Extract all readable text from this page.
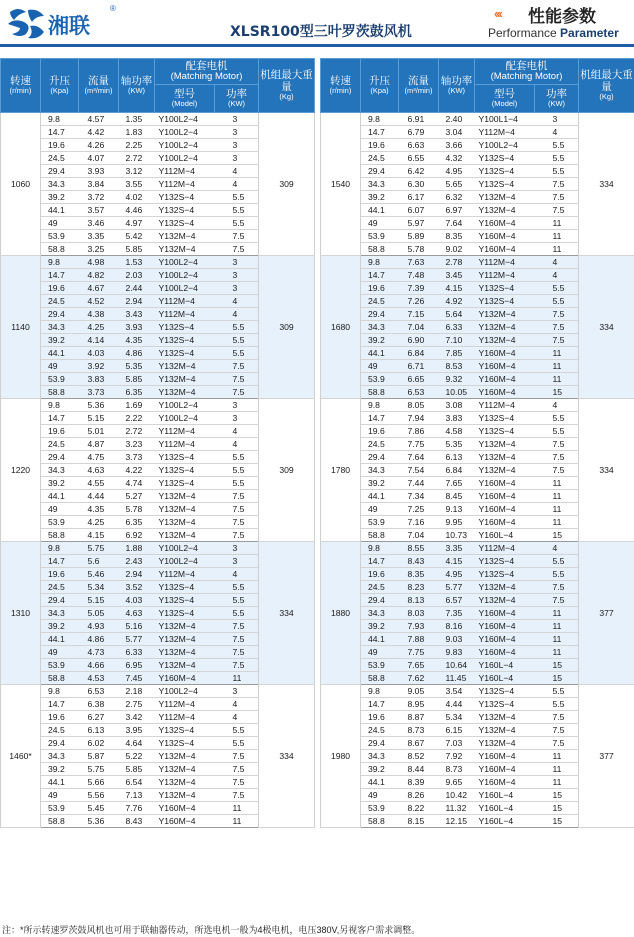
湘联
®
XLSR100型三叶罗茨鼓风机
‹‹‹ 性能参数
Performance Parameter
转速
(r/min)	升压
(Kpa)	流量
(m³/min)	轴功率
(KW)	配套电机
(Matching Motor)		机组最大重量
(Kg)

				型号
(Model)	功率
(KW)	

1060	9.8	4.57	1.35	Y100L2−4	3	309
	14.7	4.42	1.83	Y100L2−4	3	
	19.6	4.26	2.25	Y100L2−4	3	
	24.5	4.07	2.72	Y100L2−4	3	
	29.4	3.93	3.12	Y112M−4	4	
	34.3	3.84	3.55	Y112M−4	4	
	39.2	3.72	4.02	Y132S−4	5.5	
	44.1	3.57	4.46	Y132S−4	5.5	
	49	3.46	4.97	Y132S−4	5.5	
	53.9	3.35	5.42	Y132M−4	7.5	
	58.8	3.25	5.85	Y132M−4	7.5	
1140	9.8	4.98	1.53	Y100L2−4	3	309
	14.7	4.82	2.03	Y100L2−4	3	
	19.6	4.67	2.44	Y100L2−4	3	
	24.5	4.52	2.94	Y112M−4	4	
	29.4	4.38	3.43	Y112M−4	4	
	34.3	4.25	3.93	Y132S−4	5.5	
	39.2	4.14	4.35	Y132S−4	5.5	
	44.1	4.03	4.86	Y132S−4	5.5	
	49	3.92	5.35	Y132M−4	7.5	
	53.9	3.83	5.85	Y132M−4	7.5	
	58.8	3.73	6.35	Y132M−4	7.5	
1220	9.8	5.36	1.69	Y100L2−4	3	309
	14.7	5.15	2.22	Y100L2−4	3	
	19.6	5.01	2.72	Y112M−4	4	
	24.5	4.87	3.23	Y112M−4	4	
	29.4	4.75	3.73	Y132S−4	5.5	
	34.3	4.63	4.22	Y132S−4	5.5	
	39.2	4.55	4.74	Y132S−4	5.5	
	44.1	4.44	5.27	Y132M−4	7.5	
	49	4.35	5.78	Y132M−4	7.5	
	53.9	4.25	6.35	Y132M−4	7.5	
	58.8	4.15	6.92	Y132M−4	7.5	
1310	9.8	5.75	1.88	Y100L2−4	3	334
	14.7	5.6	2.43	Y100L2−4	3	
	19.6	5.46	2.94	Y112M−4	4	
	24.5	5.34	3.52	Y132S−4	5.5	
	29.4	5.15	4.03	Y132S−4	5.5	
	34.3	5.05	4.63	Y132S−4	5.5	
	39.2	4.93	5.16	Y132M−4	7.5	
	44.1	4.86	5.77	Y132M−4	7.5	
	49	4.73	6.33	Y132M−4	7.5	
	53.9	4.66	6.95	Y132M−4	7.5	
	58.8	4.53	7.45	Y160M−4	11	
1460*	9.8	6.53	2.18	Y100L2−4	3	334
	14.7	6.38	2.75	Y112M−4	4	
	19.6	6.27	3.42	Y112M−4	4	
	24.5	6.13	3.95	Y132S−4	5.5	
	29.4	6.02	4.64	Y132S−4	5.5	
	34.3	5.87	5.22	Y132M−4	7.5	
	39.2	5.75	5.85	Y132M−4	7.5	
	44.1	5.66	6.54	Y132M−4	7.5	
	49	5.56	7.13	Y132M−4	7.5	
	53.9	5.45	7.76	Y160M−4	11	
	58.8	5.36	8.43	Y160M−4	11	
转速
(r/min)	升压
(Kpa)	流量
(m³/min)	轴功率
(KW)	配套电机
(Matching Motor)		机组最大重量
(Kg)

				型号
(Model)	功率
(KW)	

1540	9.8	6.91	2.40	Y100L1−4	3	334
	14.7	6.79	3.04	Y112M−4	4	
	19.6	6.63	3.66	Y100L2−4	5.5	
	24.5	6.55	4.32	Y132S−4	5.5	
	29.4	6.42	4.95	Y132S−4	5.5	
	34.3	6.30	5.65	Y132S−4	7.5	
	39.2	6.17	6.32	Y132M−4	7.5	
	44.1	6.07	6.97	Y132M−4	7.5	
	49	5.97	7.64	Y160M−4	11	
	53.9	5.89	8.35	Y160M−4	11	
	58.8	5.78	9.02	Y160M−4	11	
1680	9.8	7.63	2.78	Y112M−4	4	334
	14.7	7.48	3.45	Y112M−4	4	
	19.6	7.39	4.15	Y132S−4	5.5	
	24.5	7.26	4.92	Y132S−4	5.5	
	29.4	7.15	5.64	Y132M−4	7.5	
	34.3	7.04	6.33	Y132M−4	7.5	
	39.2	6.90	7.10	Y132M−4	7.5	
	44.1	6.84	7.85	Y160M−4	11	
	49	6.71	8.53	Y160M−4	11	
	53.9	6.65	9.32	Y160M−4	11	
	58.8	6.53	10.05	Y160M−4	15	
1780	9.8	8.05	3.08	Y112M−4	4	334
	14.7	7.94	3.83	Y132S−4	5.5	
	19.6	7.86	4.58	Y132S−4	5.5	
	24.5	7.75	5.35	Y132M−4	7.5	
	29.4	7.64	6.13	Y132M−4	7.5	
	34.3	7.54	6.84	Y132M−4	7.5	
	39.2	7.44	7.65	Y160M−4	11	
	44.1	7.34	8.45	Y160M−4	11	
	49	7.25	9.13	Y160M−4	11	
	53.9	7.16	9.95	Y160M−4	11	
	58.8	7.04	10.73	Y160L−4	15	
1880	9.8	8.55	3.35	Y112M−4	4	377
	14.7	8.43	4.15	Y132S−4	5.5	
	19.6	8.35	4.95	Y132S−4	5.5	
	24.5	8.23	5.77	Y132M−4	7.5	
	29.4	8.13	6.57	Y132M−4	7.5	
	34.3	8.03	7.35	Y160M−4	11	
	39.2	7.93	8.16	Y160M−4	11	
	44.1	7.88	9.03	Y160M−4	11	
	49	7.75	9.83	Y160M−4	11	
	53.9	7.65	10.64	Y160L−4	15	
	58.8	7.62	11.45	Y160L−4	15	
1980	9.8	9.05	3.54	Y132S−4	5.5	377
	14.7	8.95	4.44	Y132S−4	5.5	
	19.6	8.87	5.34	Y132M−4	7.5	
	24.5	8.73	6.15	Y132M−4	7.5	
	29.4	8.67	7.03	Y132M−4	7.5	
	34.3	8.52	7.92	Y160M−4	11	
	39.2	8.44	8.73	Y160M−4	11	
	44.1	8.39	9.65	Y160M−4	11	
	49	8.26	10.42	Y160L−4	15	
	53.9	8.22	11.32	Y160L−4	15	
	58.8	8.15	12.15	Y160L−4	15	
注：*所示转速罗茨鼓风机也可用于联轴器传动，所选电机一般为4极电机，电压380V,另视客户需求调整。
